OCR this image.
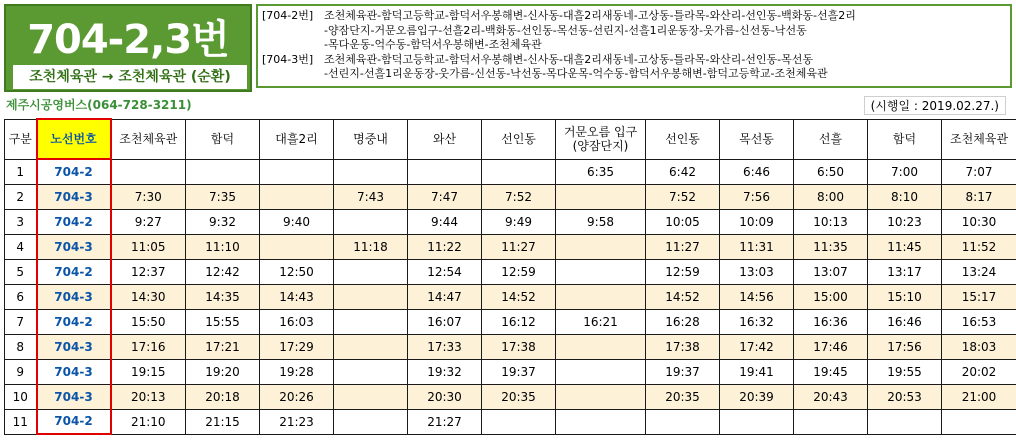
704-2,3번
조천체육관 → 조천체육관 (순환)
[704-2번] 조천체육관-함덕고등학교-함덕서우봉해변-신사동-대흘2리새동네-고상동-틀라목-와산리-선인동-백화동-선흘2리
-양잠단지-거문오름입구-선흘2리-백화동-선인동-목선동-선린지-선흘1리운동장-웃가름-신선동-낙선동
-목다운동-억수동-함덕서우봉해변-조천체육관
[704-3번] 조천체육관-함덕고등학교-함덕서우봉해변-신사동-대흘2리새동네-고상동-틀라목-와산리-선인동-목선동
-선린지-선흘1리운동장-웃가름-신선동-낙선동-목다운목-억수동-함덕서우봉해변-함덕고등학교-조천체육관
제주시공영버스(064-728-3211)	(시행일 : 2019.02.27.)
구분	노선번호	조천체육관	함덕	대흘2리	명중내	와산	선인동	거문오름 입구
(양잠단지)	선인동	목선동	선흘	함덕	조천체육관
1	704-2							6:35	6:42	6:46	6:50	7:00	7:07
2	704-3	7:30	7:35		7:43	7:47	7:52		7:52	7:56	8:00	8:10	8:17
3	704-2	9:27	9:32	9:40		9:44	9:49	9:58	10:05	10:09	10:13	10:23	10:30
4	704-3	11:05	11:10		11:18	11:22	11:27		11:27	11:31	11:35	11:45	11:52
5	704-2	12:37	12:42	12:50		12:54	12:59		12:59	13:03	13:07	13:17	13:24
6	704-3	14:30	14:35	14:43		14:47	14:52		14:52	14:56	15:00	15:10	15:17
7	704-2	15:50	15:55	16:03		16:07	16:12	16:21	16:28	16:32	16:36	16:46	16:53
8	704-3	17:16	17:21	17:29		17:33	17:38		17:38	17:42	17:46	17:56	18:03
9	704-3	19:15	19:20	19:28		19:32	19:37		19:37	19:41	19:45	19:55	20:02
10	704-3	20:13	20:18	20:26		20:30	20:35		20:35	20:39	20:43	20:53	21:00
11	704-2	21:10	21:15	21:23		21:27							
